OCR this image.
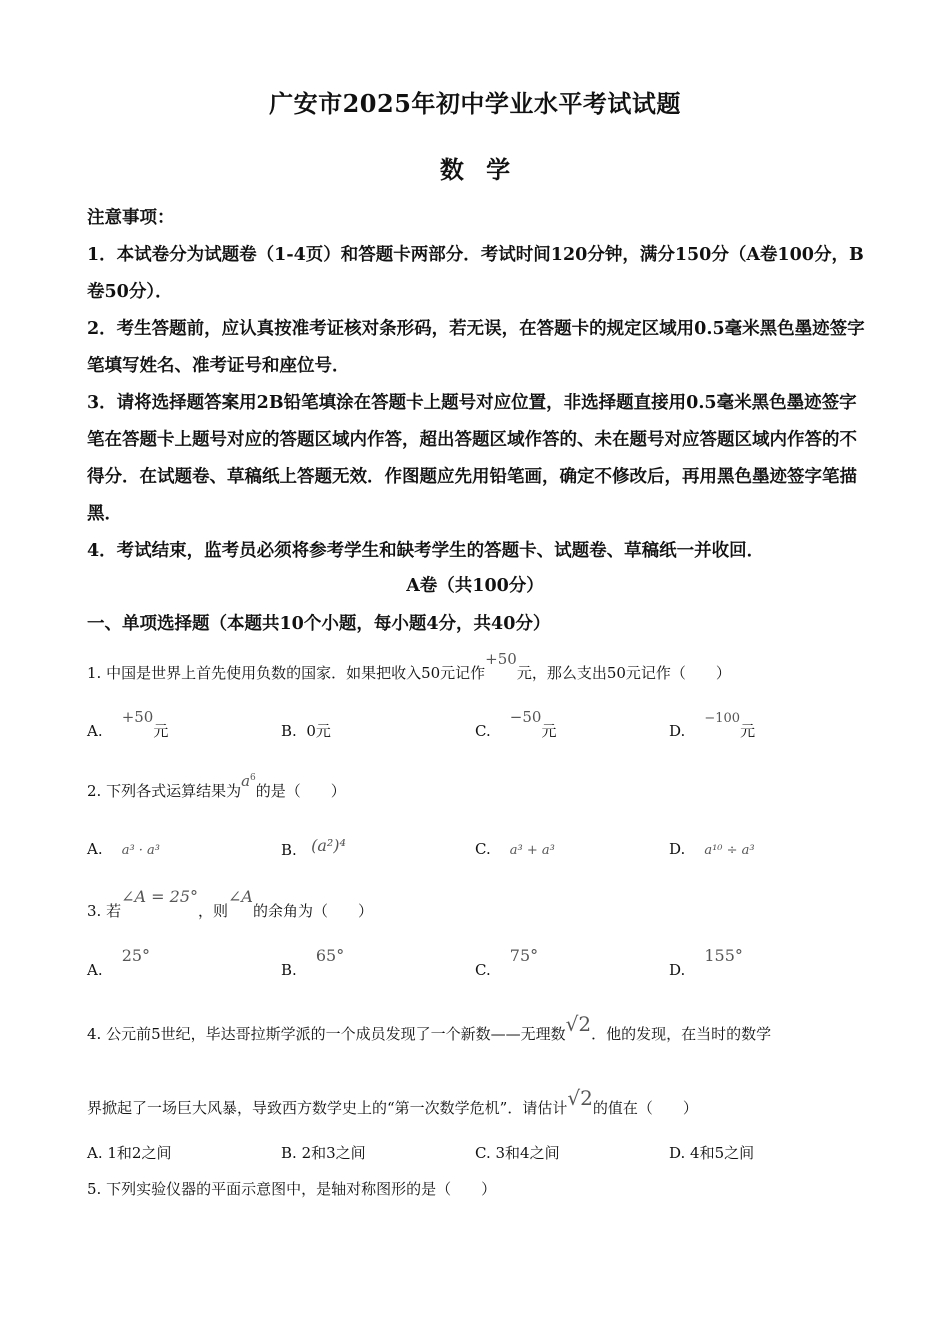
广安市2025年初中学业水平考试试题
数 学
注意事项：
1．本试卷分为试题卷（1-4页）和答题卡两部分．考试时间120分钟，满分150分（A卷100分，B卷50分）．
2．考生答题前，应认真按准考证核对条形码，若无误，在答题卡的规定区域用0.5毫米黑色墨迹签字笔填写姓名、准考证号和座位号．
3．请将选择题答案用2B铅笔填涂在答题卡上题号对应位置，非选择题直接用0.5毫米黑色墨迹签字笔在答题卡上题号对应的答题区域内作答，超出答题区域作答的、未在题号对应答题区域内作答的不得分．在试题卷、草稿纸上答题无效．作图题应先用铅笔画，确定不修改后，再用黑色墨迹签字笔描黑．
4．考试结束，监考员必须将参考学生和缺考学生的答题卡、试题卷、草稿纸一并收回．
A卷（共100分）
一、单项选择题（本题共10个小题，每小题4分，共40分）
1. 中国是世界上首先使用负数的国家．如果把收入50元记作+50元，那么支出50元记作（　　）
A.    +50元	B. 0元	C.    −50元	D.    −100元
2. 下列各式运算结果为$a^6$的是（　　）
A. a³ · a³	B. (a²)⁴	C. a³ + a³	D. a¹⁰ ÷ a³
3. 若∠A = 25°，则∠A的余角为（　　）
A.    25°
B.    65°
C.    75°
D.    155°
4. 公元前5世纪，毕达哥拉斯学派的一个成员发现了一个新数——无理数√2．他的发现，在当时的数学
界掀起了一场巨大风暴，导致西方数学史上的“第一次数学危机”．请估计√2的值在（　　）
A. 1和2之间	B. 2和3之间	C. 3和4之间	D. 4和5之间
5. 下列实验仪器的平面示意图中，是轴对称图形的是（　　）
